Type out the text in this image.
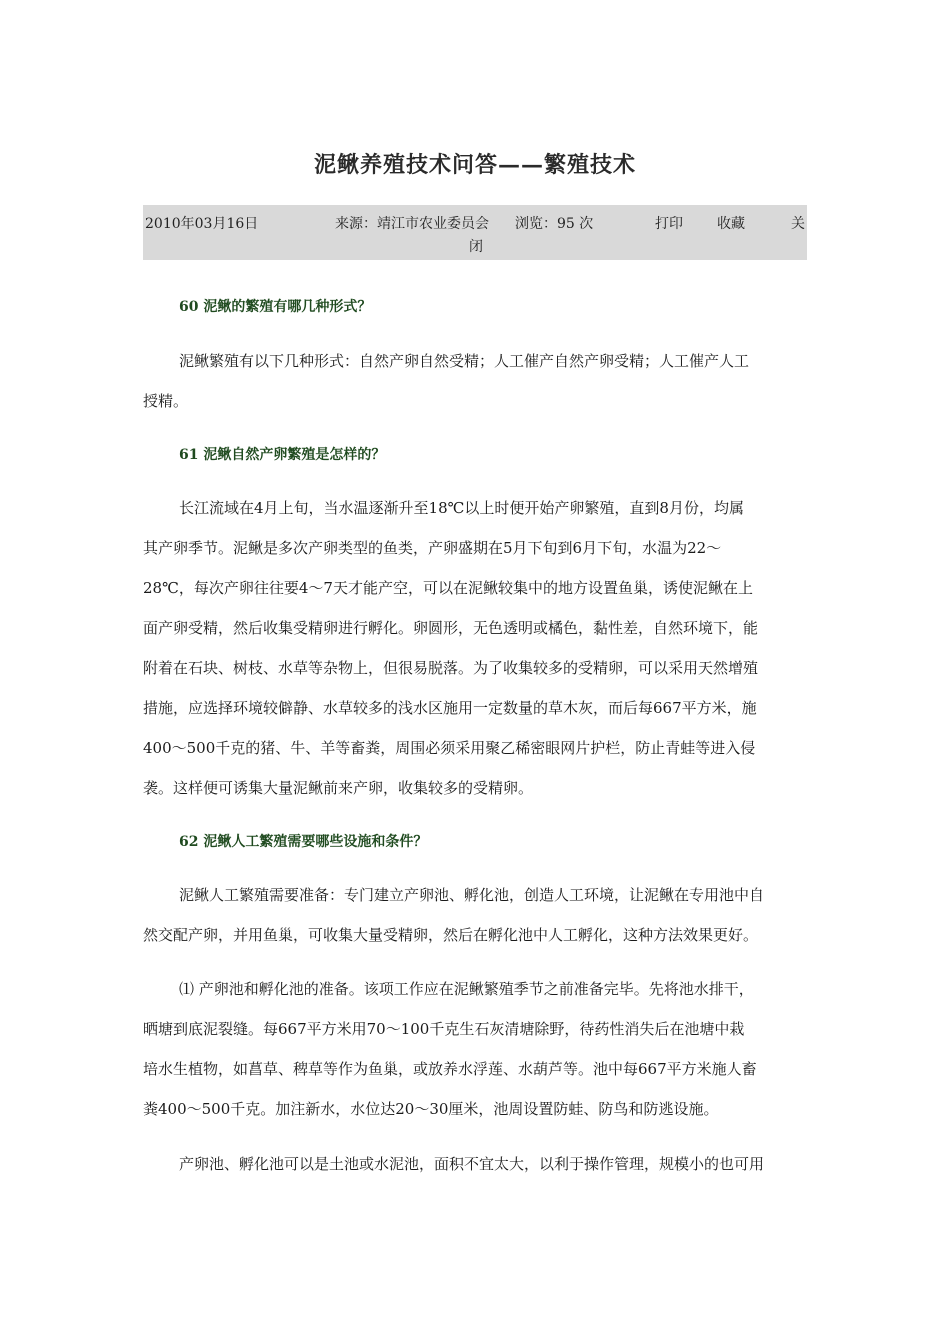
泥鳅养殖技术问答——繁殖技术
2010年03月16日	来源：靖江市农业委员会 浏览：95 次	打印 收藏	关
闭
60 泥鳅的繁殖有哪几种形式？
泥鳅繁殖有以下几种形式：自然产卵自然受精；人工催产自然产卵受精；人工催产人工
授精。
61 泥鳅自然产卵繁殖是怎样的？
长江流域在4月上旬，当水温逐渐升至18℃以上时便开始产卵繁殖，直到8月份，均属
其产卵季节。泥鳅是多次产卵类型的鱼类，产卵盛期在5月下旬到6月下旬，水温为22～
28℃，每次产卵往往要4～7天才能产空，可以在泥鳅较集中的地方设置鱼巢，诱使泥鳅在上
面产卵受精，然后收集受精卵进行孵化。卵圆形，无色透明或橘色，黏性差，自然环境下，能
附着在石块、树枝、水草等杂物上，但很易脱落。为了收集较多的受精卵，可以采用天然增殖
措施，应选择环境较僻静、水草较多的浅水区施用一定数量的草木灰，而后每667平方米，施
400～500千克的猪、牛、羊等畜粪，周围必须采用聚乙稀密眼网片护栏，防止青蛙等进入侵
袭。这样便可诱集大量泥鳅前来产卵，收集较多的受精卵。
62 泥鳅人工繁殖需要哪些设施和条件？
泥鳅人工繁殖需要准备：专门建立产卵池、孵化池，创造人工环境，让泥鳅在专用池中自
然交配产卵，并用鱼巢，可收集大量受精卵，然后在孵化池中人工孵化，这种方法效果更好。
⑴ 产卵池和孵化池的准备。该项工作应在泥鳅繁殖季节之前准备完毕。先将池水排干，
晒塘到底泥裂缝。每667平方米用70～100千克生石灰清塘除野，待药性消失后在池塘中栽
培水生植物，如菖草、稗草等作为鱼巢，或放养水浮莲、水葫芦等。池中每667平方米施人畜
粪400～500千克。加注新水，水位达20～30厘米，池周设置防蛙、防鸟和防逃设施。
产卵池、孵化池可以是土池或水泥池，面积不宜太大，以利于操作管理，规模小的也可用
